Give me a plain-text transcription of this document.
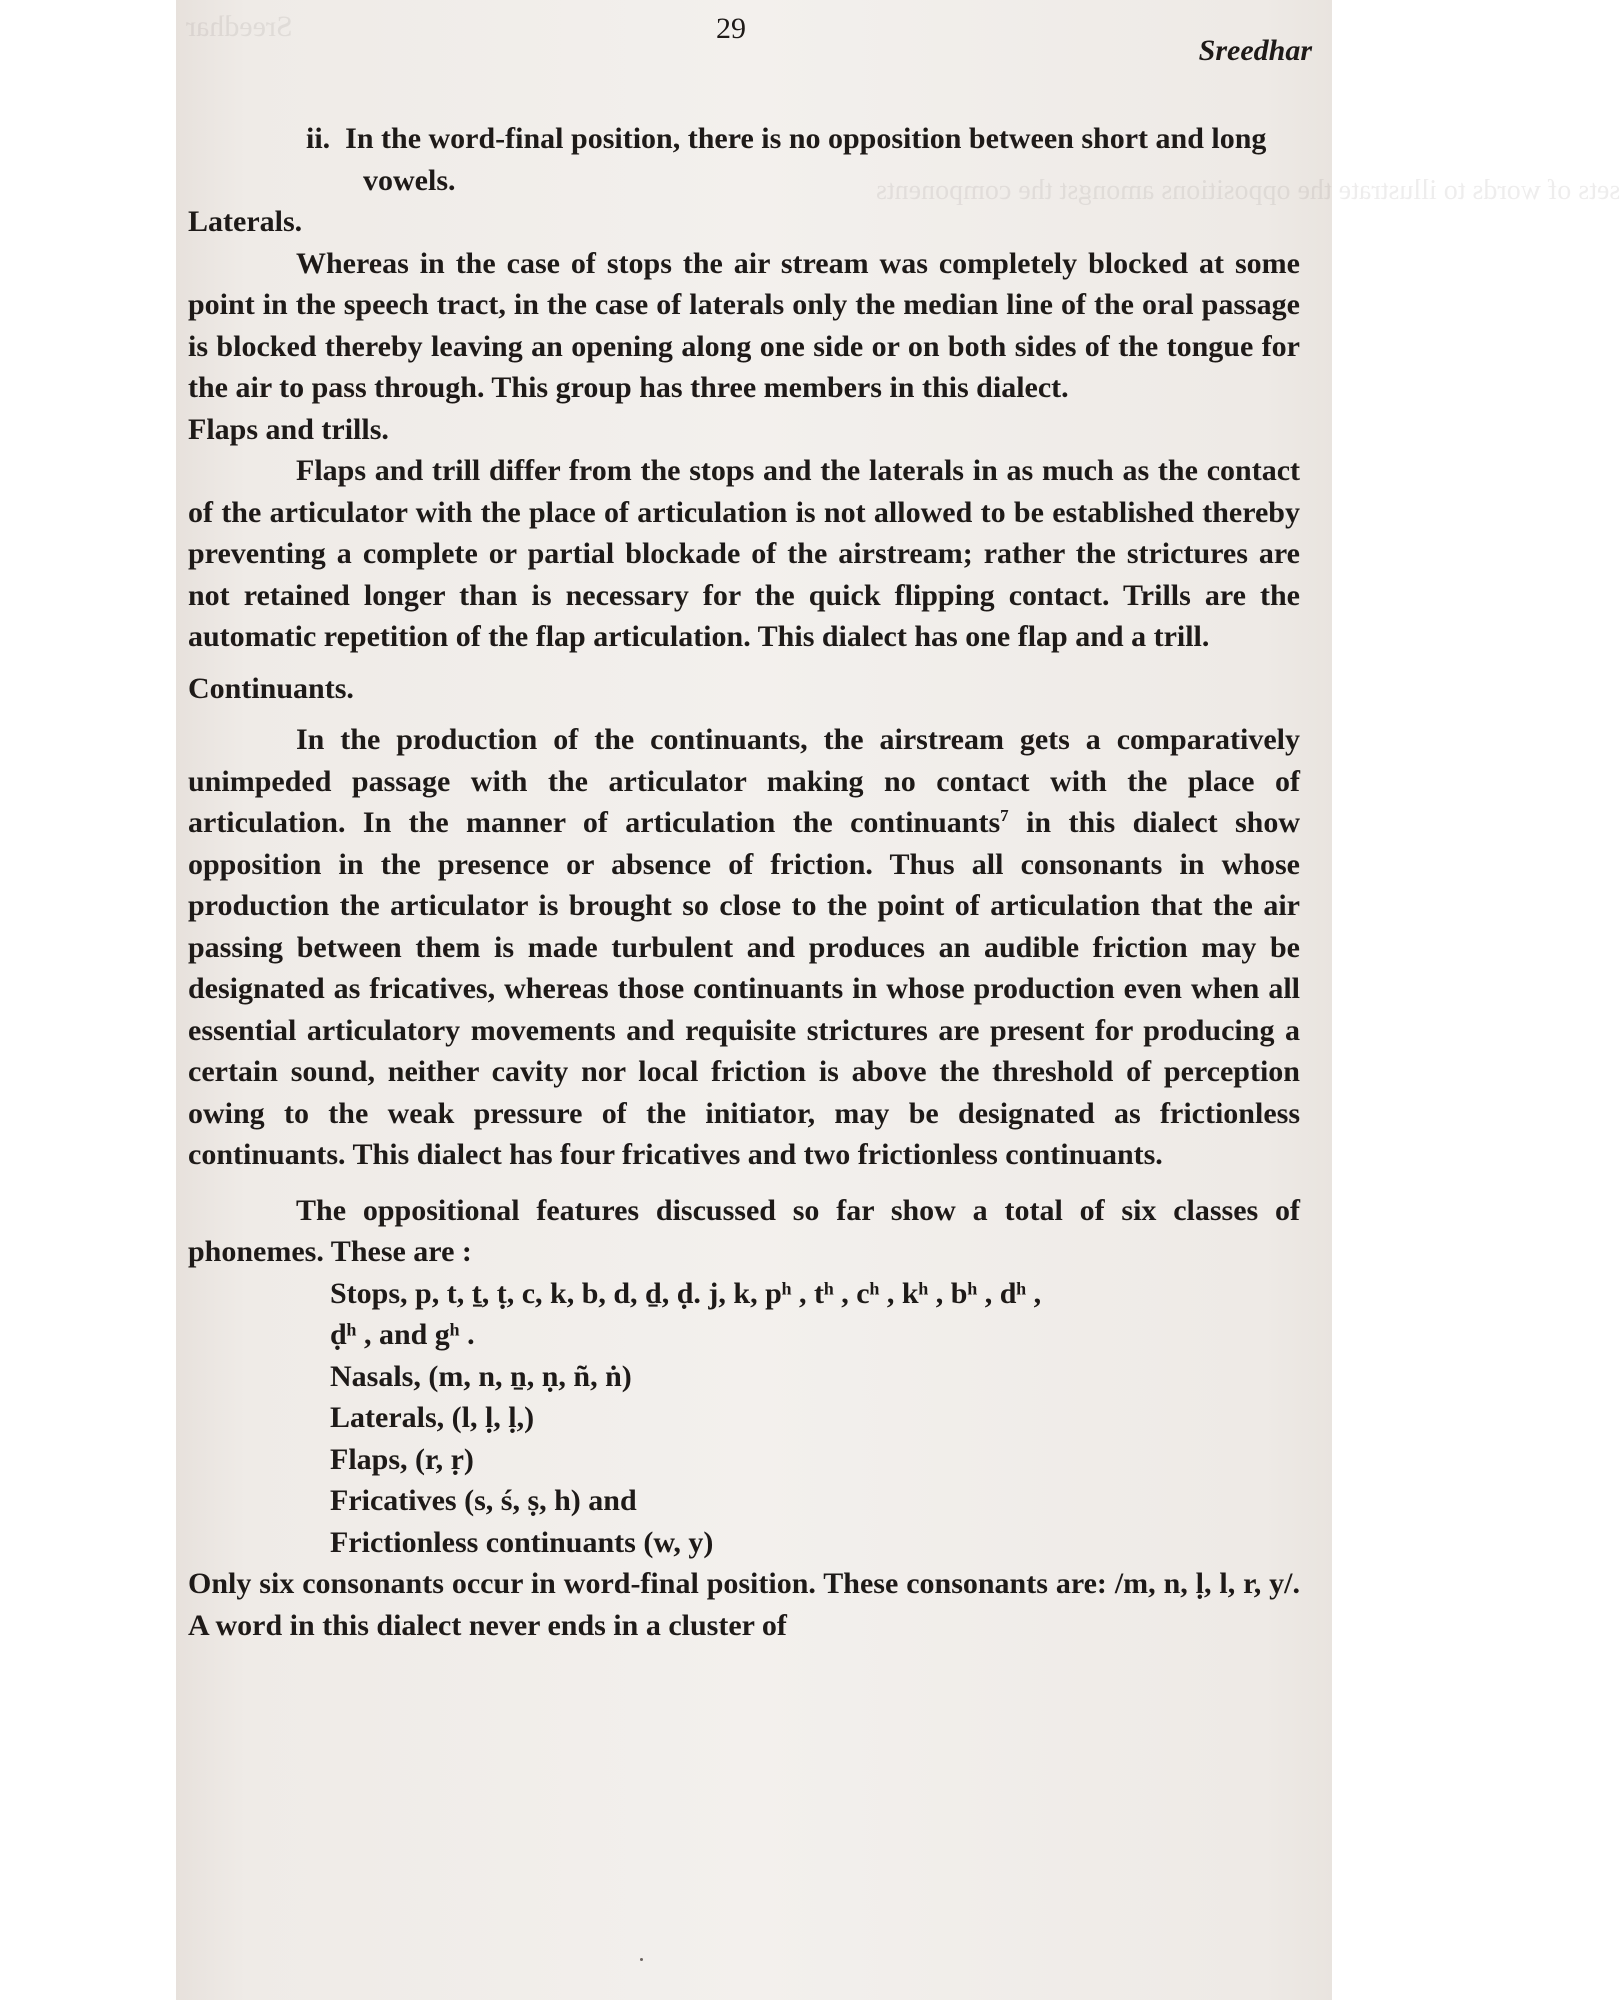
Sreedhar
sets of words to illustrate the oppositions amongst the components
29
Sreedhar

ii. In the word-final position, there is no opposition between short and long vowels.

Laterals.

Whereas in the case of stops the air stream was completely blocked at some point in the speech tract, in the case of laterals only the median line of the oral passage is blocked thereby leaving an opening along one side or on both sides of the tongue for the air to pass through. This group has three members in this dialect.

Flaps and trills.

Flaps and trill differ from the stops and the laterals in as much as the contact of the articulator with the place of articulation is not allowed to be established thereby preventing a complete or partial blockade of the airstream; rather the strictures are not retained longer than is necessary for the quick flipping contact. Trills are the automatic repetition of the flap articulation. This dialect has one flap and a trill.

Continuants.

In the production of the continuants, the airstream gets a comparatively unimpeded passage with the articulator making no contact with the place of articulation. In the manner of articulation the continuants$^7$ in this dialect show opposition in the presence or absence of friction. Thus all consonants in whose production the articulator is brought so close to the point of articulation that the air passing between them is made turbulent and produces an audible friction may be designated as fricatives, whereas those continuants in whose production even when all essential articulatory movements and requisite strictures are present for producing a certain sound, neither cavity nor local friction is above the threshold of perception owing to the weak pressure of the initiator, may be designated as frictionless continuants. This dialect has four fricatives and two frictionless continuants.

The oppositional features discussed so far show a total of six classes of phonemes. These are :

Stops, p, t, ṯ, ṭ, c, k, b, d, ḏ, ḍ. j, k, pʰ , tʰ , cʰ , kʰ , bʰ , dʰ ,
ḍʰ , and gʰ .
Nasals, (m, n, ṉ, ṇ, ñ, ṅ)
Laterals, (l, ḷ, ḷ,)
Flaps, (r, ṛ)
Fricatives (s, ś, ṣ, h) and
Frictionless continuants (w, y)

Only six consonants occur in word-final position. These consonants are: /m, n, ḷ, l, r, y/. A word in this dialect never ends in a cluster of
